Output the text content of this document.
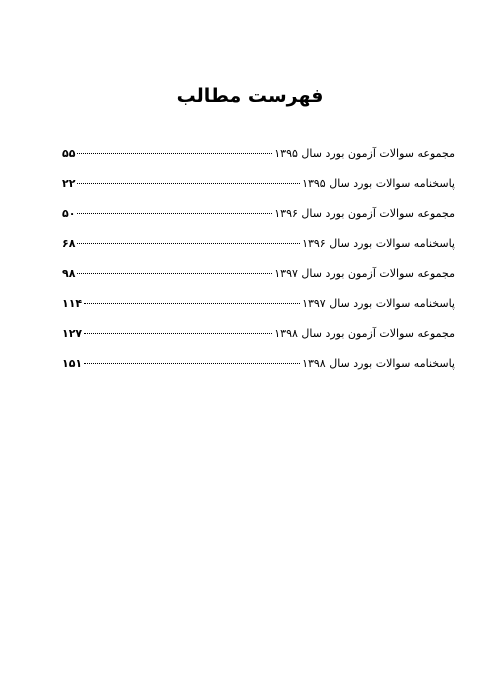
فهرست مطالب
مجموعه سوالات آزمون بورد سال ۱۳۹۵
۵۵
پاسخنامه سوالات بورد سال ۱۳۹۵
۲۲
مجموعه سوالات آزمون بورد سال ۱۳۹۶
۵۰
پاسخنامه سوالات بورد سال ۱۳۹۶
۶۸
مجموعه سوالات آزمون بورد سال ۱۳۹۷
۹۸
پاسخنامه سوالات بورد سال ۱۳۹۷
۱۱۴
مجموعه سوالات آزمون بورد سال ۱۳۹۸
۱۲۷
پاسخنامه سوالات بورد سال ۱۳۹۸
۱۵۱
